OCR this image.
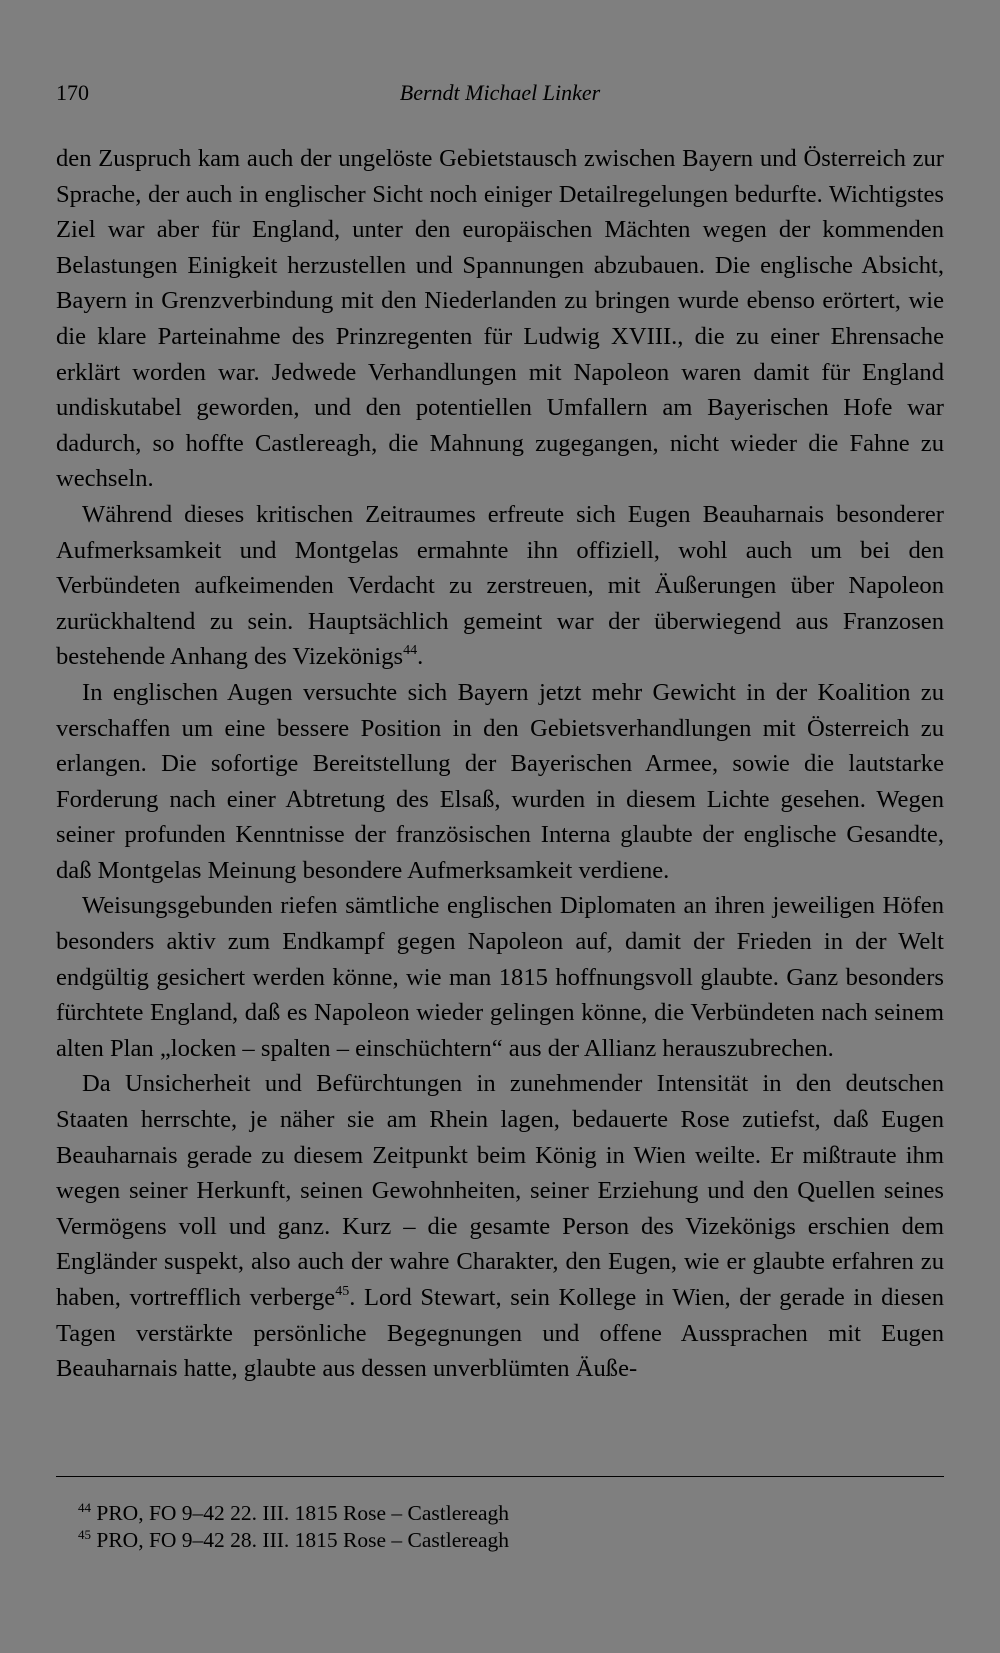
170	Berndt Michael Linker

den Zuspruch kam auch der ungelöste Gebietstausch zwischen Bayern und Österreich zur Sprache, der auch in englischer Sicht noch einiger Detailregelungen bedurfte. Wichtigstes Ziel war aber für England, unter den europäischen Mächten wegen der kommenden Belastungen Einigkeit herzustellen und Spannungen abzubauen. Die englische Absicht, Bayern in Grenzverbindung mit den Niederlanden zu bringen wurde ebenso erörtert, wie die klare Parteinahme des Prinzregenten für Ludwig XVIII., die zu einer Ehrensache erklärt worden war. Jedwede Verhandlungen mit Napoleon waren damit für England undiskutabel geworden, und den potentiellen Umfallern am Bayerischen Hofe war dadurch, so hoffte Castlereagh, die Mahnung zugegangen, nicht wieder die Fahne zu wechseln.

Während dieses kritischen Zeitraumes erfreute sich Eugen Beauharnais besonderer Aufmerksamkeit und Montgelas ermahnte ihn offiziell, wohl auch um bei den Verbündeten aufkeimenden Verdacht zu zerstreuen, mit Äußerungen über Napoleon zurückhaltend zu sein. Hauptsächlich gemeint war der überwiegend aus Franzosen bestehende Anhang des Vizekönigs$^{44}$.

In englischen Augen versuchte sich Bayern jetzt mehr Gewicht in der Koalition zu verschaffen um eine bessere Position in den Gebietsverhandlungen mit Österreich zu erlangen. Die sofortige Bereitstellung der Bayerischen Armee, sowie die lautstarke Forderung nach einer Abtretung des Elsaß, wurden in diesem Lichte gesehen. Wegen seiner profunden Kenntnisse der französischen Interna glaubte der englische Gesandte, daß Montgelas Meinung besondere Aufmerksamkeit verdiene.

Weisungsgebunden riefen sämtliche englischen Diplomaten an ihren jeweiligen Höfen besonders aktiv zum Endkampf gegen Napoleon auf, damit der Frieden in der Welt endgültig gesichert werden könne, wie man 1815 hoffnungsvoll glaubte. Ganz besonders fürchtete England, daß es Napoleon wieder gelingen könne, die Verbündeten nach seinem alten Plan „locken – spalten – einschüchtern“ aus der Allianz herauszubrechen.

Da Unsicherheit und Befürchtungen in zunehmender Intensität in den deutschen Staaten herrschte, je näher sie am Rhein lagen, bedauerte Rose zutiefst, daß Eugen Beauharnais gerade zu diesem Zeitpunkt beim König in Wien weilte. Er mißtraute ihm wegen seiner Herkunft, seinen Gewohnheiten, seiner Erziehung und den Quellen seines Vermögens voll und ganz. Kurz – die gesamte Person des Vizekönigs erschien dem Engländer suspekt, also auch der wahre Charakter, den Eugen, wie er glaubte erfahren zu haben, vortrefflich verberge$^{45}$. Lord Stewart, sein Kollege in Wien, der gerade in diesen Tagen verstärkte persönliche Begegnungen und offene Aussprachen mit Eugen Beauharnais hatte, glaubte aus dessen unverblümten Äuße-

$^{44}$ PRO, FO 9–42 22. III. 1815 Rose – Castlereagh
$^{45}$ PRO, FO 9–42 28. III. 1815 Rose – Castlereagh
